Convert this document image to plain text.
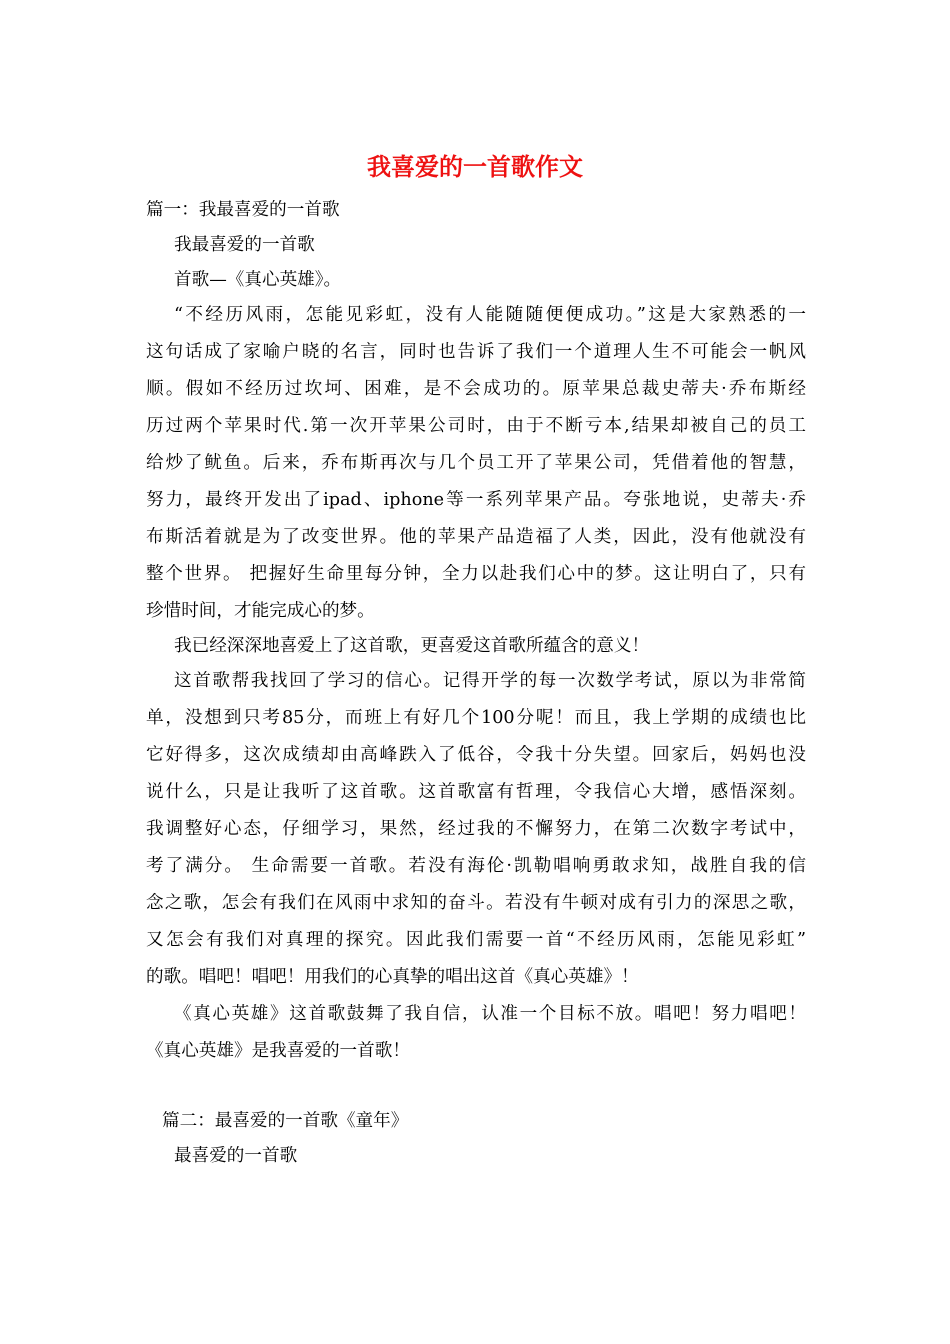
我喜爱的一首歌作文

篇一：我最喜爱的一首歌

我最喜爱的一首歌

首歌—《真心英雄》。

“不经历风雨，怎能见彩虹，没有人能随随便便成功。”这是大家熟悉的一

这句话成了家喻户晓的名言，同时也告诉了我们一个道理人生不可能会一帆风

顺。假如不经历过坎坷、困难，是不会成功的。原苹果总裁史蒂夫·乔布斯经

历过两个苹果时代.第一次开苹果公司时，由于不断亏本,结果却被自己的员工

给炒了鱿鱼。后来，乔布斯再次与几个员工开了苹果公司，凭借着他的智慧，

努力，最终开发出了ipad、iphone等一系列苹果产品。夸张地说，史蒂夫·乔

布斯活着就是为了改变世界。他的苹果产品造福了人类，因此，没有他就没有

整个世界。 把握好生命里每分钟，全力以赴我们心中的梦。这让明白了，只有

珍惜时间，才能完成心的梦。

我已经深深地喜爱上了这首歌，更喜爱这首歌所蕴含的意义！

这首歌帮我找回了学习的信心。记得开学的每一次数学考试，原以为非常简

单，没想到只考85分，而班上有好几个100分呢！而且，我上学期的成绩也比

它好得多，这次成绩却由高峰跌入了低谷，令我十分失望。回家后，妈妈也没

说什么，只是让我听了这首歌。这首歌富有哲理，令我信心大增，感悟深刻。

我调整好心态，仔细学习，果然，经过我的不懈努力，在第二次数字考试中，

考了满分。 生命需要一首歌。若没有海伦·凯勒唱响勇敢求知，战胜自我的信

念之歌，怎会有我们在风雨中求知的奋斗。若没有牛顿对成有引力的深思之歌，

又怎会有我们对真理的探究。因此我们需要一首“不经历风雨，怎能见彩虹”

的歌。唱吧！唱吧！用我们的心真挚的唱出这首《真心英雄》！

《真心英雄》这首歌鼓舞了我自信，认准一个目标不放。唱吧！努力唱吧！

《真心英雄》是我喜爱的一首歌！

篇二：最喜爱的一首歌《童年》

最喜爱的一首歌
